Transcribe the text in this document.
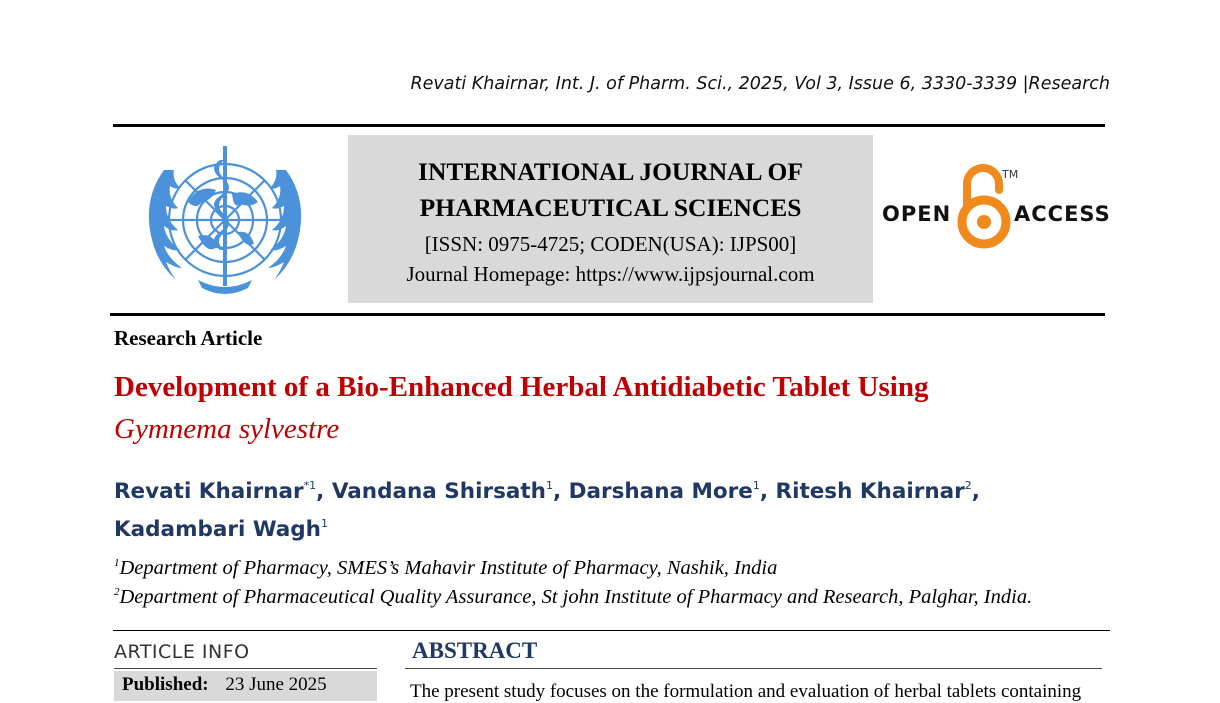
Revati Khairnar, Int. J. of Pharm. Sci., 2025, Vol 3, Issue 6, 3330-3339 |Research
INTERNATIONAL JOURNAL OF
PHARMACEUTICAL SCIENCES
[ISSN: 0975-4725; CODEN(USA): IJPS00]
Journal Homepage: https://www.ijpsjournal.com
OPEN
TM
ACCESS
Research Article
Development of a Bio-Enhanced Herbal Antidiabetic Tablet Using
Gymnema sylvestre
Revati Khairnar$^{*1}$, Vandana Shirsath$^1$, Darshana More$^1$, Ritesh Khairnar$^2$,
Kadambari Wagh$^1$
$^1$Department of Pharmacy, SMES’s Mahavir Institute of Pharmacy, Nashik, India
$^2$Department of Pharmaceutical Quality Assurance, St john Institute of Pharmacy and Research, Palghar, India.
ARTICLE INFO
Published: 23 June 2025
ABSTRACT
The present study focuses on the formulation and evaluation of herbal tablets containing
